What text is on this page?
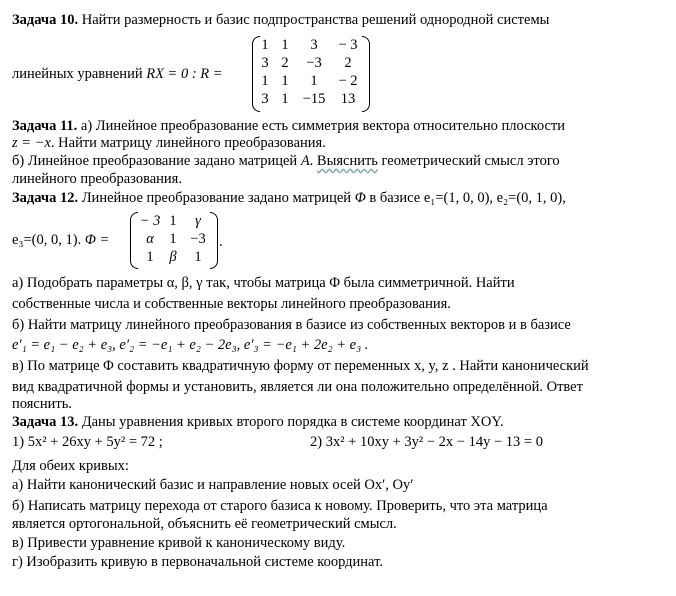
Задача 10. Найти размерность и базис подпространства решений однородной системы
линейных уравнений RX = 0 : R =
1 1	3	− 3
3 2	−3	2
1 1	1	− 2
3 1 −15	13
Задача 11. а) Линейное преобразование есть симметрия вектора относительно плоскости
z = −x. Найти матрицу линейного преобразования.
б) Линейное преобразование задано матрицей A. Выяснить геометрический смысл этого
линейного преобразования.
Задача 12. Линейное преобразование задано матрицей Φ в базисе e₁=(1, 0, 0), e₂=(0, 1, 0),
e₃=(0, 0, 1). Φ =
− 3 1	γ
α	1 −3
1	β	1
.
а) Подобрать параметры α, β, γ так, чтобы матрица Φ была симметричной. Найти
собственные числа и собственные векторы линейного преобразования.
б) Найти матрицу линейного преобразования в базисе из собственных векторов и в базисе
e′₁ = e₁ − e₂ + e₃, e′₂ = −e₁ + e₂ − 2e₃, e′₃ = −e₁ + 2e₂ + e₃ .
в) По матрице Φ составить квадратичную форму от переменных x, y, z . Найти канонический
вид квадратичной формы и установить, является ли она положительно определённой. Ответ
пояснить.
Задача 13. Даны уравнения кривых второго порядка в системе координат XOY.
1) 5x² + 26xy + 5y² = 72 ;	2) 3x² + 10xy + 3y² − 2x − 14y − 13 = 0
Для обеих кривых:
а) Найти канонический базис и направление новых осей Ox′, Oy′
б) Написать матрицу перехода от старого базиса к новому. Проверить, что эта матрица
является ортогональной, объяснить её геометрический смысл.
в) Привести уравнение кривой к каноническому виду.
г) Изобразить кривую в первоначальной системе координат.
